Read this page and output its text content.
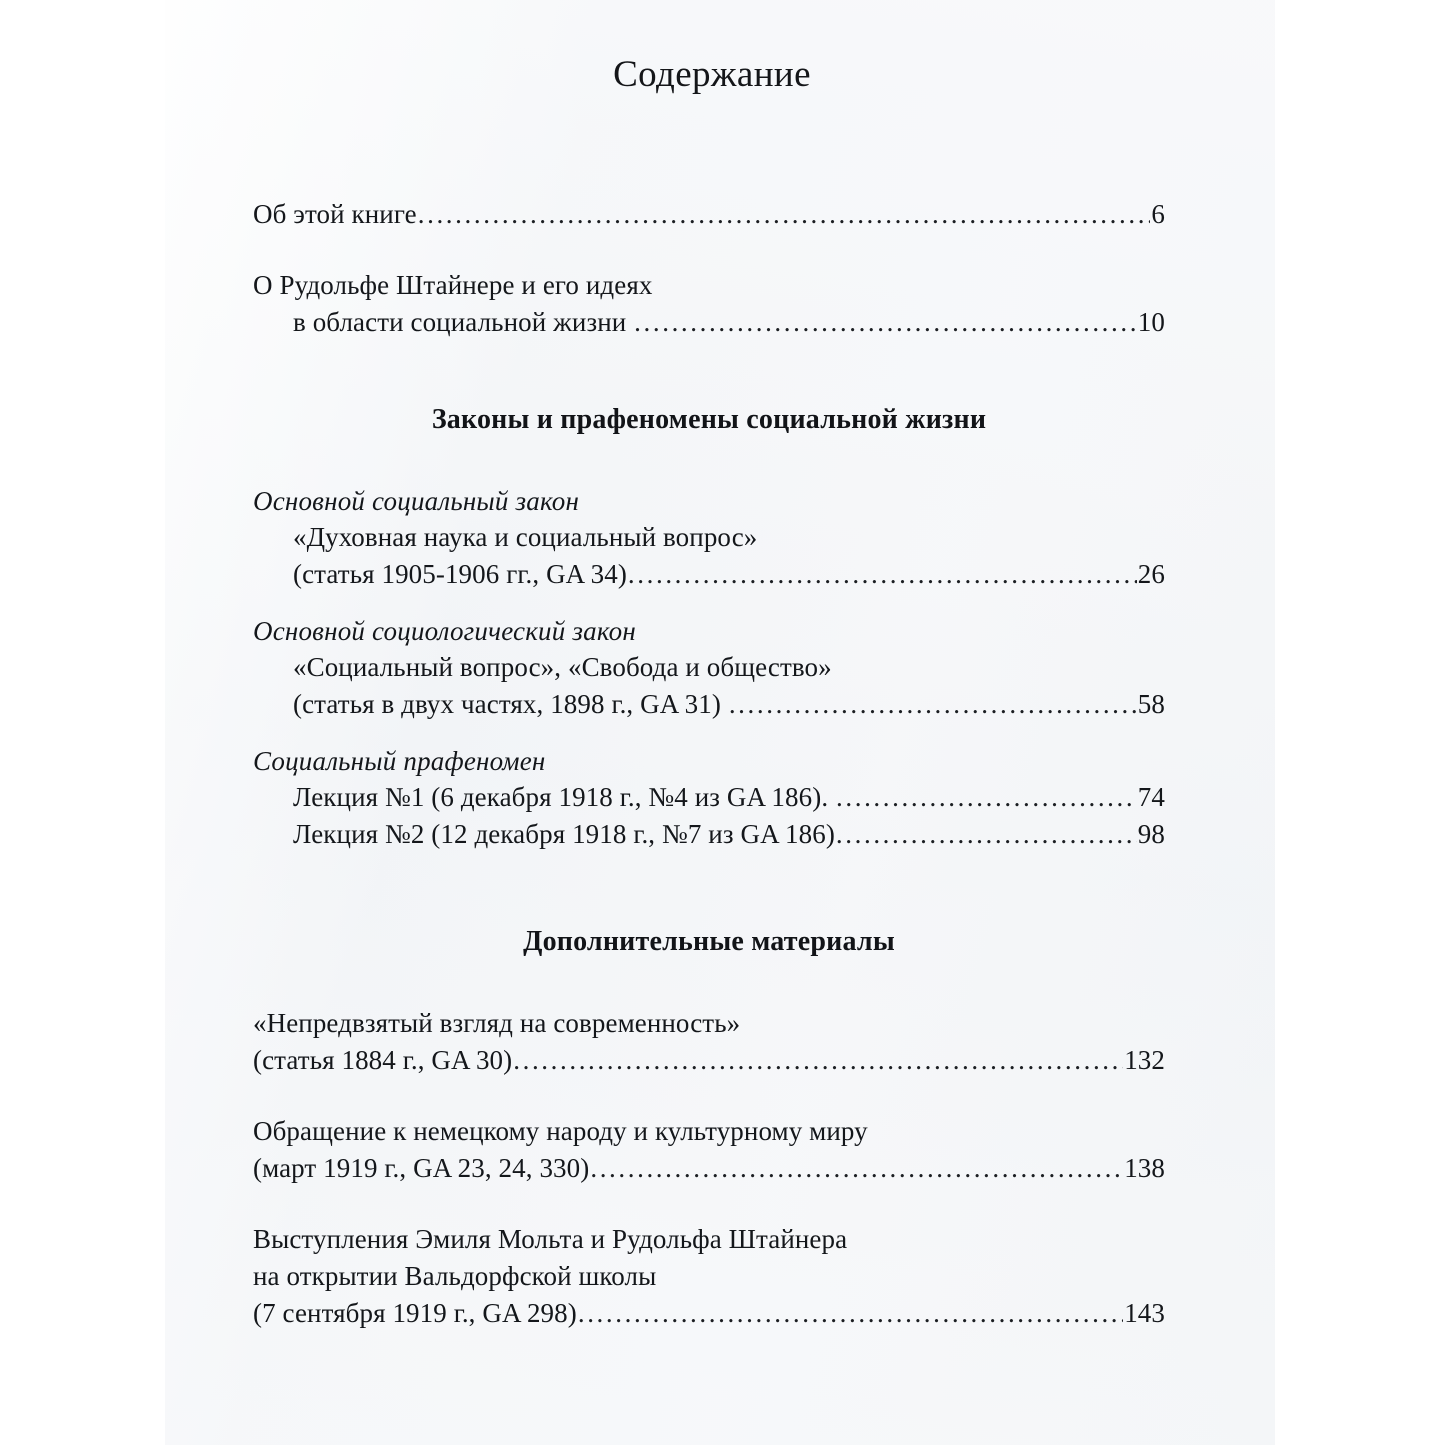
Содержание
Об этой книге .....	6
О Рудольфе Штайнере и его идеях
в области социальной жизни .....	10
Законы и прафеномены социальной жизни
Основной социальный закон
«Духовная наука и социальный вопрос»
(статья 1905-1906 гг., GA 34) .....	26
Основной социологический закон
«Социальный вопрос», «Свобода и общество»
(статья в двух частях, 1898 г., GA 31) .....	58
Социальный прафеномен
Лекция №1 (6 декабря 1918 г., №4 из GA 186). .....	74
Лекция №2 (12 декабря 1918 г., №7 из GA 186) .....	98
Дополнительные материалы
«Непредвзятый взгляд на современность»
(статья 1884 г., GA 30) .....	132
Обращение к немецкому народу и культурному миру
(март 1919 г., GA 23, 24, 330) .....	138
Выступления Эмиля Мольта и Рудольфа Штайнера
на открытии Вальдорфской школы
(7 сентября 1919 г., GA 298) .....	143
